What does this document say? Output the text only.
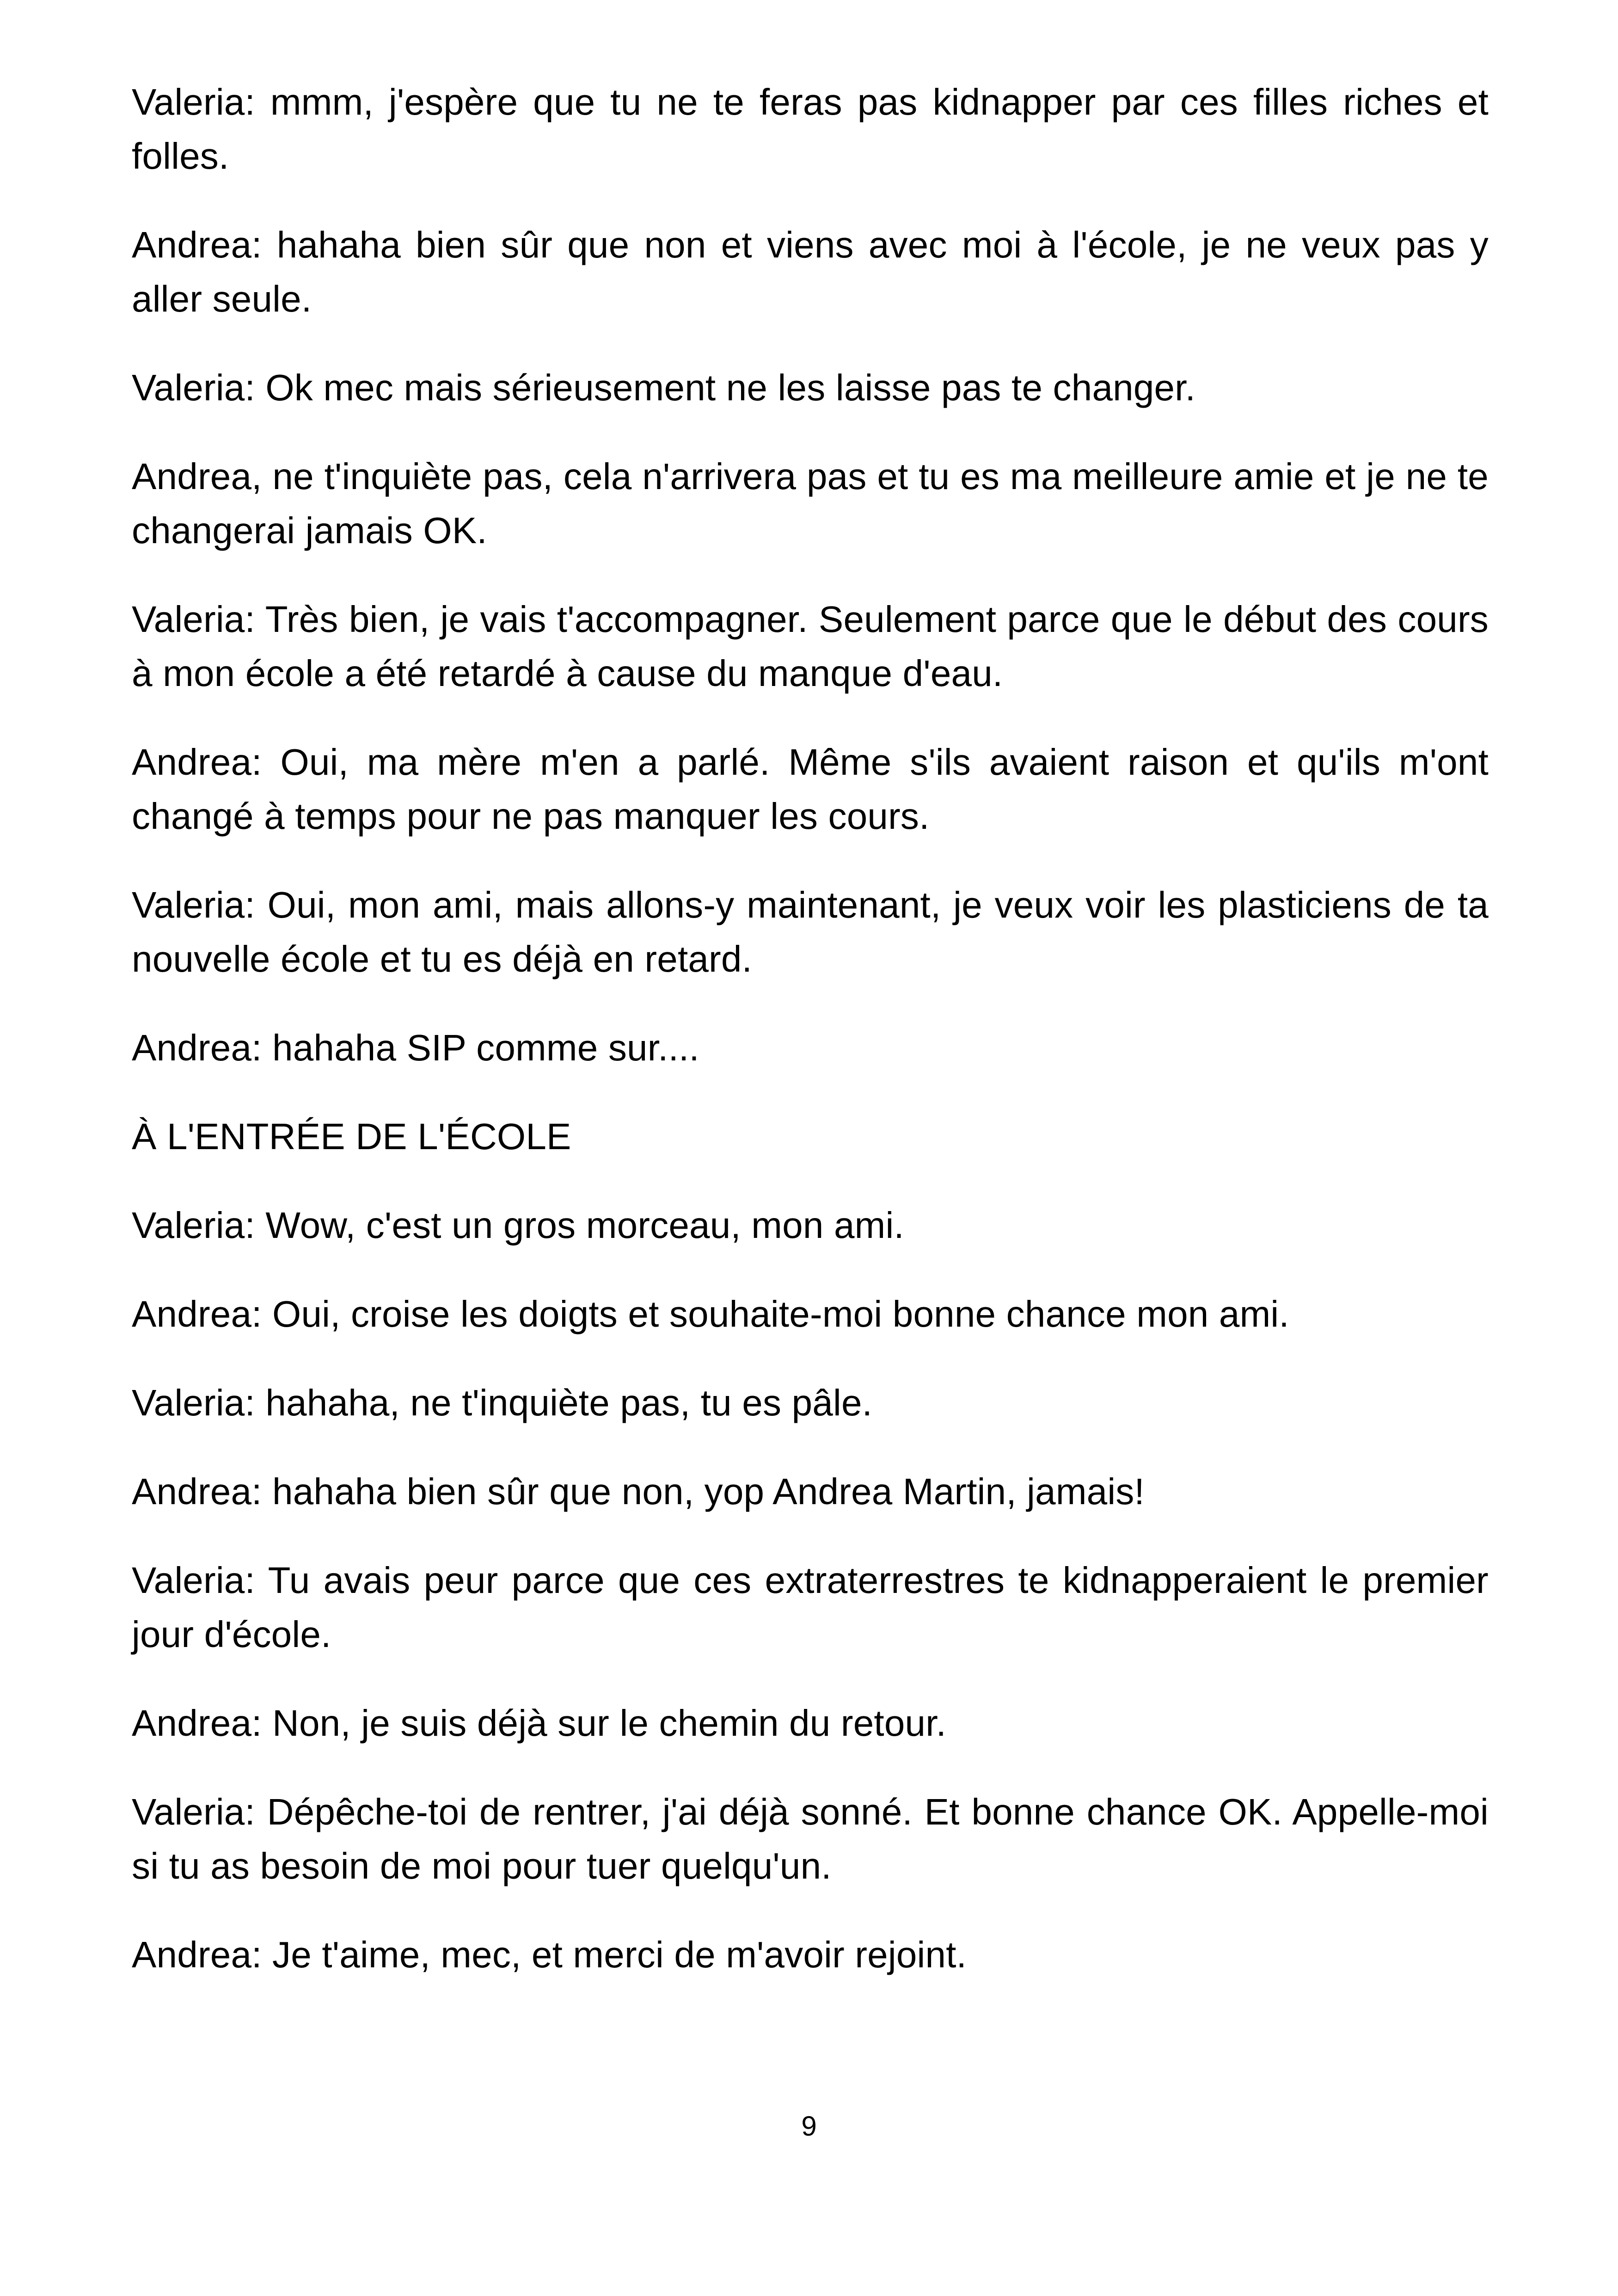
Valeria: mmm, j'espère que tu ne te feras pas kidnapper par ces filles riches et folles.

Andrea: hahaha bien sûr que non et viens avec moi à l'école, je ne veux pas y aller seule.

Valeria: Ok mec mais sérieusement ne les laisse pas te changer.

Andrea, ne t'inquiète pas, cela n'arrivera pas et tu es ma meilleure amie et je ne te changerai jamais OK.

Valeria: Très bien, je vais t'accompagner. Seulement parce que le début des cours à mon école a été retardé à cause du manque d'eau.

Andrea: Oui, ma mère m'en a parlé. Même s'ils avaient raison et qu'ils m'ont changé à temps pour ne pas manquer les cours.

Valeria: Oui, mon ami, mais allons-y maintenant, je veux voir les plasticiens de ta nouvelle école et tu es déjà en retard.

Andrea: hahaha SIP comme sur....

À L'ENTRÉE DE L'ÉCOLE

Valeria: Wow, c'est un gros morceau, mon ami.

Andrea: Oui, croise les doigts et souhaite-moi bonne chance mon ami.

Valeria: hahaha, ne t'inquiète pas, tu es pâle.

Andrea: hahaha bien sûr que non, yop Andrea Martin, jamais!

Valeria: Tu avais peur parce que ces extraterrestres te kidnapperaient le premier jour d'école.

Andrea: Non, je suis déjà sur le chemin du retour.

Valeria: Dépêche-toi de rentrer, j'ai déjà sonné. Et bonne chance OK. Appelle-moi si tu as besoin de moi pour tuer quelqu'un.

Andrea: Je t'aime, mec, et merci de m'avoir rejoint.

9
